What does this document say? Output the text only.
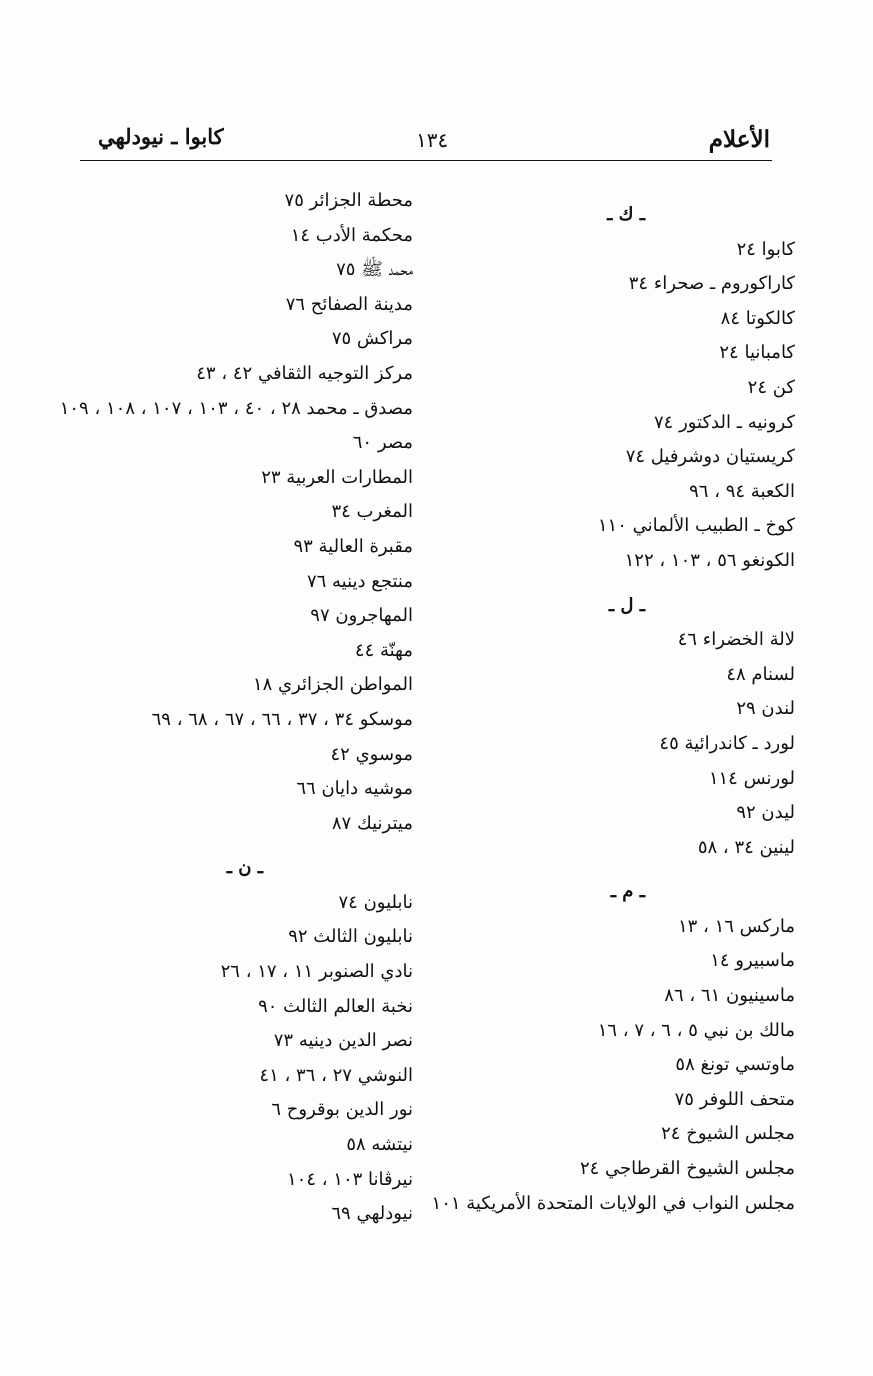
الأعلام
١٣٤
كابوا ـ نيودلهي
ـ ك ـ
كابوا ٢٤
كاراكوروم ـ صحراء ٣٤
كالكوتا ٨٤
كامبانيا ٢٤
كن ٢٤
كرونيه ـ الدكتور ٧٤
كريستيان دوشرفيل ٧٤
الكعبة ٩٤ ، ٩٦
كوخ ـ الطبيب الألماني ١١٠
الكونغو ٥٦ ، ١٠٣ ، ١٢٢
ـ ل ـ
لالة الخضراء ٤٦
لسنام ٤٨
لندن ٢٩
لورد ـ كاندرائية ٤٥
لورنس ١١٤
ليدن ٩٢
لينين ٣٤ ، ٥٨
ـ م ـ
ماركس ١٦ ، ١٣
ماسبيرو ١٤
ماسينيون ٦١ ، ٨٦
مالك بن نبي ٥ ، ٦ ، ٧ ، ١٦
ماوتسي تونغ ٥٨
متحف اللوفر ٧٥
مجلس الشيوخ ٢٤
مجلس الشيوخ القرطاجي ٢٤
مجلس النواب في الولايات المتحدة الأمريكية ١٠١
محطة الجزائر ٧٥
محكمة الأدب ١٤
محمد ﷺ ٧٥
مدينة الصفائح ٧٦
مراكش ٧٥
مركز التوجيه الثقافي ٤٢ ، ٤٣
مصدق ـ محمد ٢٨ ، ٤٠ ، ١٠٣ ، ١٠٧ ، ١٠٨ ، ١٠٩
مصر ٦٠
المطارات العربية ٢٣
المغرب ٣٤
مقبرة العالية ٩٣
منتجع دينيه ٧٦
المهاجرون ٩٧
مهنّة ٤٤
المواطن الجزائري ١٨
موسكو ٣٤ ، ٣٧ ، ٦٦ ، ٦٧ ، ٦٨ ، ٦٩
موسوي ٤٢
موشيه دايان ٦٦
ميترنيك ٨٧
ـ ن ـ
نابليون ٧٤
نابليون الثالث ٩٢
نادي الصنوبر ١١ ، ١٧ ، ٢٦
نخبة العالم الثالث ٩٠
نصر الدين دينيه ٧٣
النوشي ٢٧ ، ٣٦ ، ٤١
نور الدين بوقروح ٦
نيتشه ٥٨
نيرڤانا ١٠٣ ، ١٠٤
نيودلهي ٦٩
